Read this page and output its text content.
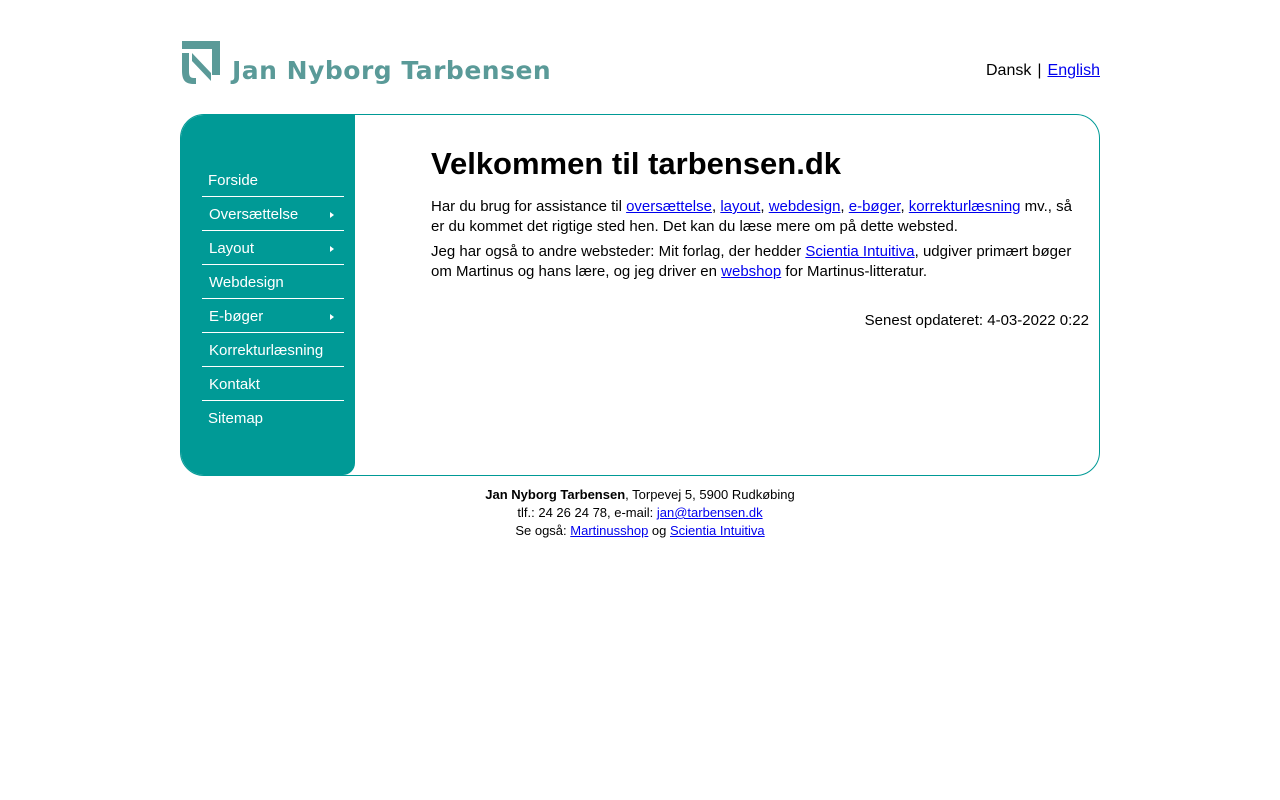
Jan Nyborg Tarbensen	Dansk | English
Forside
Oversættelse
Layout
Webdesign
E-bøger
Korrekturlæsning
Kontakt
Sitemap
Velkommen til tarbensen.dk

Har du brug for assistance til oversættelse, layout, webdesign, e-bøger, korrekturlæsning mv., så er du kommet det rigtige sted hen. Det kan du læse mere om på dette websted.

Jeg har også to andre websteder: Mit forlag, der hedder Scientia Intuitiva, udgiver primært bøger om Martinus og hans lære, og jeg driver en webshop for Martinus-litteratur.

Senest opdateret: 4-03-2022 0:22
Jan Nyborg Tarbensen, Torpevej 5, 5900 Rudkøbing
tlf.: 24 26 24 78, e-mail: jan@tarbensen.dk
Se også: Martinusshop og Scientia Intuitiva
